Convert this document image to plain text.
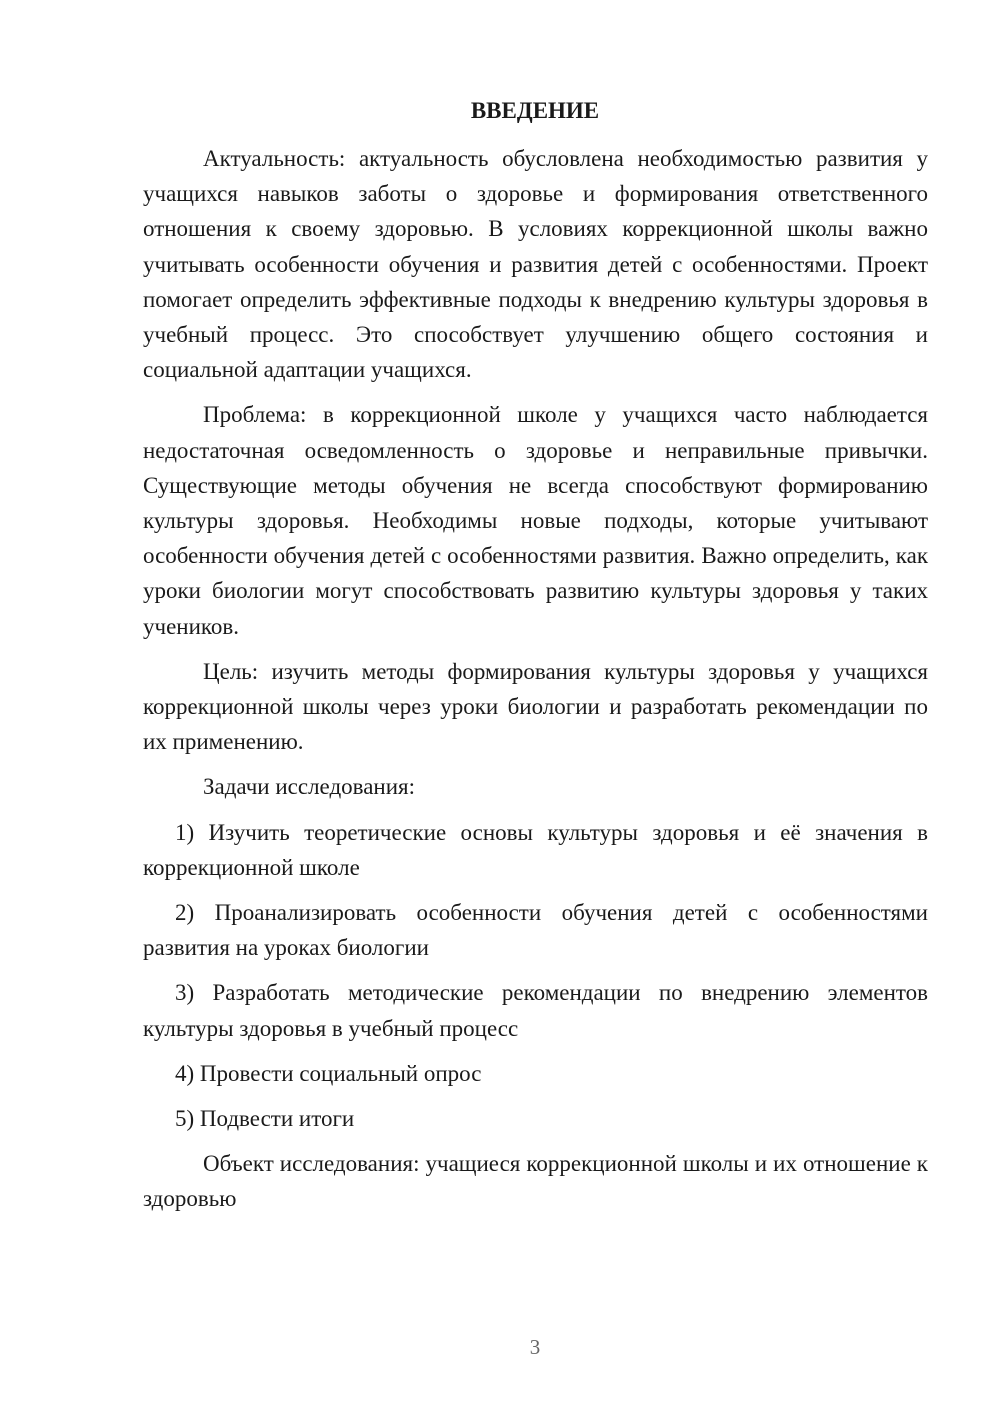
ВВЕДЕНИЕ

Актуальность: актуальность обусловлена необходимостью развития у учащихся навыков заботы о здоровье и формирования ответственного отношения к своему здоровью. В условиях коррекционной школы важно учитывать особенности обучения и развития детей с особенностями. Проект помогает определить эффективные подходы к внедрению культуры здоровья в учебный процесс. Это способствует улучшению общего состояния и социальной адаптации учащихся.

Проблема: в коррекционной школе у учащихся часто наблюдается недостаточная осведомленность о здоровье и неправильные привычки. Существующие методы обучения не всегда способствуют формированию культуры здоровья. Необходимы новые подходы, которые учитывают особенности обучения детей с особенностями развития. Важно определить, как уроки биологии могут способствовать развитию культуры здоровья у таких учеников.

Цель: изучить методы формирования культуры здоровья у учащихся коррекционной школы через уроки биологии и разработать рекомендации по их применению.

Задачи исследования:

1) Изучить теоретические основы культуры здоровья и её значения в коррекционной школе

2) Проанализировать особенности обучения детей с особенностями развития на уроках биологии

3) Разработать методические рекомендации по внедрению элементов культуры здоровья в учебный процесс

4) Провести социальный опрос

5) Подвести итоги

Объект исследования: учащиеся коррекционной школы и их отношение к здоровью

3
